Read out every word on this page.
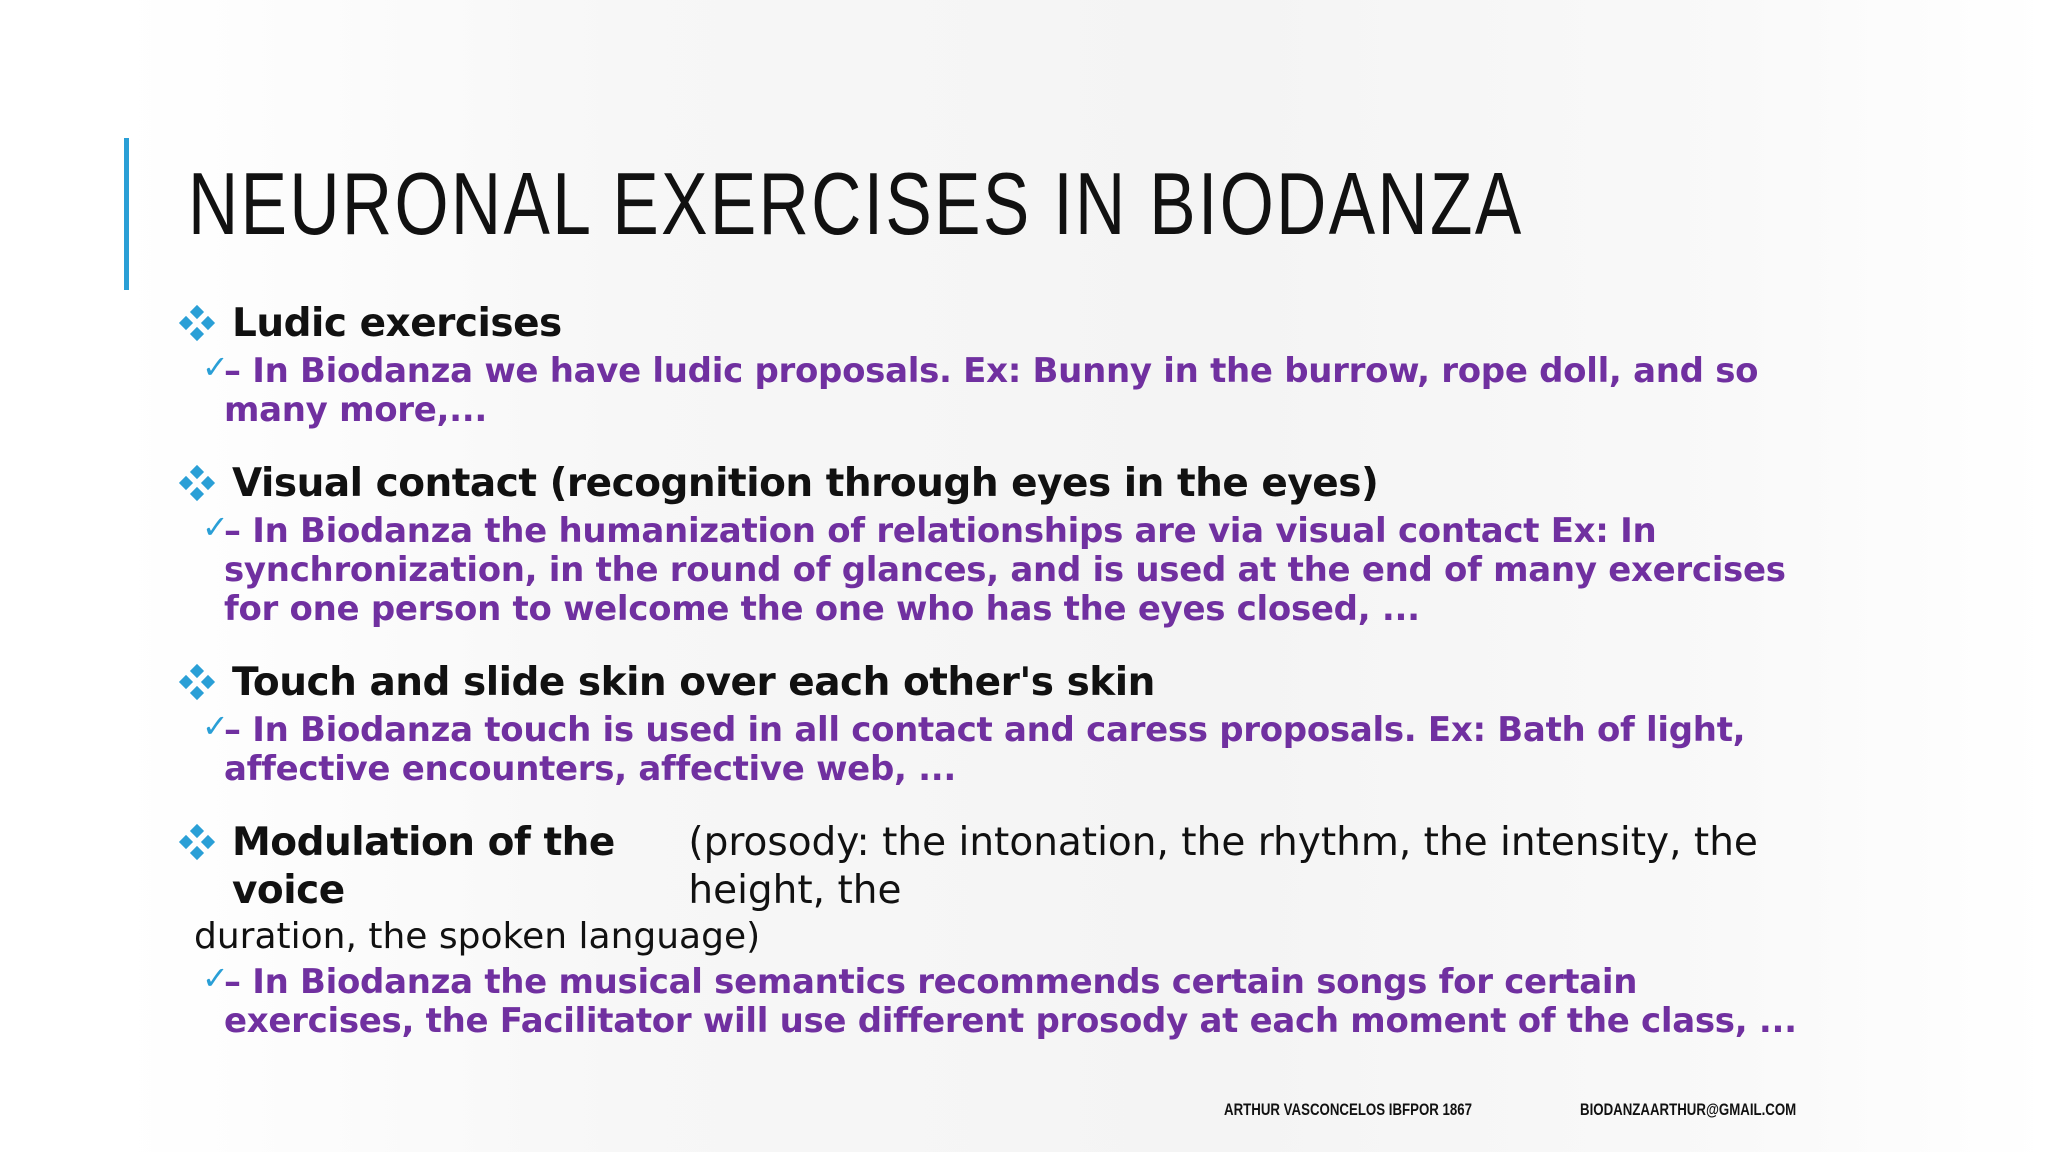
NEURONAL EXERCISES IN BIODANZA
Ludic exercises
✓
– In Biodanza we have ludic proposals. Ex: Bunny in the burrow, rope doll, and so many more,...
Visual contact (recognition through eyes in the eyes)
✓
– In Biodanza the humanization of relationships are via visual contact Ex: In synchronization, in the round of glances, and is used at the end of many exercises for one person to welcome the one who has the eyes closed, ...
Touch and slide skin over each other's skin
✓
– In Biodanza touch is used in all contact and caress proposals. Ex: Bath of light, affective encounters, affective web, ...
Modulation of the voice
(prosody: the intonation, the rhythm, the intensity, the height, the
duration, the spoken language)
✓
– In Biodanza the musical semantics recommends certain songs for certain exercises, the Facilitator will use different prosody at each moment of the class, ...
ARTHUR VASCONCELOS IBFPOR 1867	BIODANZAARTHUR@GMAIL.COM
